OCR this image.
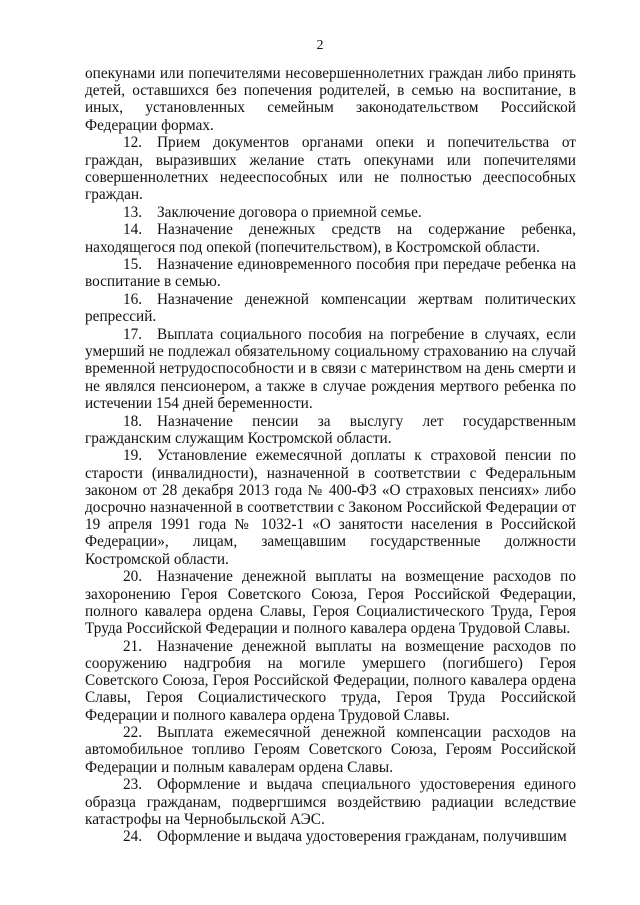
2

опекунами или попечителями несовершеннолетних граждан либо принять детей, оставшихся без попечения родителей, в семью на воспитание, в иных, установленных семейным законодательством Российской Федерации формах.

12. Прием документов органами опеки и попечительства от граждан, выразивших желание стать опекунами или попечителями совершеннолетних недееспособных или не полностью дееспособных граждан.

13. Заключение договора о приемной семье.

14. Назначение денежных средств на содержание ребенка, находящегося под опекой (попечительством), в Костромской области.

15. Назначение единовременного пособия при передаче ребенка на воспитание в семью.

16. Назначение денежной компенсации жертвам политических репрессий.

17. Выплата социального пособия на погребение в случаях, если умерший не подлежал обязательному социальному страхованию на случай временной нетрудоспособности и в связи с материнством на день смерти и не являлся пенсионером, а также в случае рождения мертвого ребенка по истечении 154 дней беременности.

18. Назначение пенсии за выслугу лет государственным гражданским служащим Костромской области.

19. Установление ежемесячной доплаты к страховой пенсии по старости (инвалидности), назначенной в соответствии с Федеральным законом от 28 декабря 2013 года № 400-ФЗ «О страховых пенсиях» либо досрочно назначенной в соответствии с Законом Российской Федерации от 19 апреля 1991 года № 1032-1 «О занятости населения в Российской Федерации», лицам, замещавшим государственные должности Костромской области.

20. Назначение денежной выплаты на возмещение расходов по захоронению Героя Советского Союза, Героя Российской Федерации, полного кавалера ордена Славы, Героя Социалистического Труда, Героя Труда Российской Федерации и полного кавалера ордена Трудовой Славы.

21. Назначение денежной выплаты на возмещение расходов по сооружению надгробия на могиле умершего (погибшего) Героя Советского Союза, Героя Российской Федерации, полного кавалера ордена Славы, Героя Социалистического труда, Героя Труда Российской Федерации и полного кавалера ордена Трудовой Славы.

22. Выплата ежемесячной денежной компенсации расходов на автомобильное топливо Героям Советского Союза, Героям Российской Федерации и полным кавалерам ордена Славы.

23. Оформление и выдача специального удостоверения единого образца гражданам, подвергшимся воздействию радиации вследствие катастрофы на Чернобыльской АЭС.

24. Оформление и выдача удостоверения гражданам, получившим
